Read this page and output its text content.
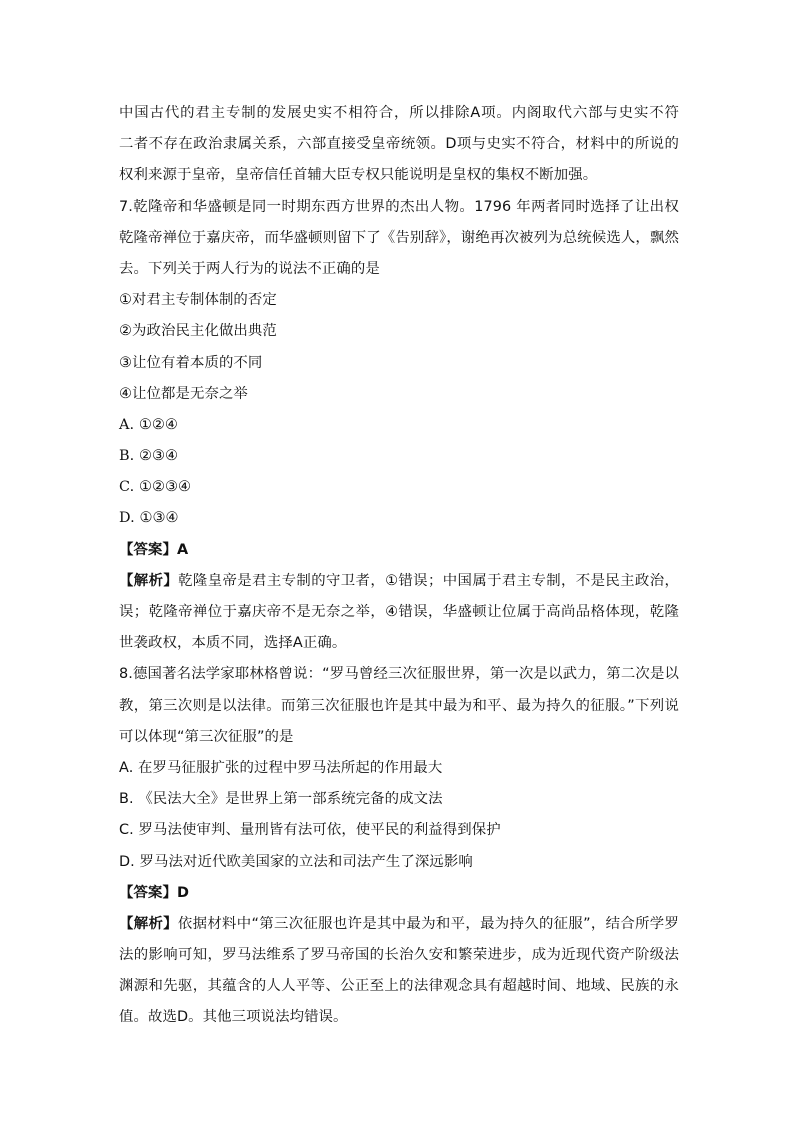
中国古代的君主专制的发展史实不相符合，所以排除A项。内阁取代六部与史实不符
二者不存在政治隶属关系，六部直接受皇帝统领。D项与史实不符合，材料中的所说的
权利来源于皇帝，皇帝信任首辅大臣专权只能说明是皇权的集权不断加强。
7.乾隆帝和华盛顿是同一时期东西方世界的杰出人物。1796 年两者同时选择了让出权
乾隆帝禅位于嘉庆帝，而华盛顿则留下了《告别辞》，谢绝再次被列为总统候选人，飘然
去。下列关于两人行为的说法不正确的是
①对君主专制体制的否定
②为政治民主化做出典范
③让位有着本质的不同
④让位都是无奈之举
A. ①②④
B. ②③④
C. ①②③④
D. ①③④
【答案】A
【解析】乾隆皇帝是君主专制的守卫者，①错误；中国属于君主专制，不是民主政治，
误；乾隆帝禅位于嘉庆帝不是无奈之举，④错误，华盛顿让位属于高尚品格体现，乾隆
世袭政权，本质不同，选择A正确。
8.德国著名法学家耶林格曾说：“罗马曾经三次征服世界，第一次是以武力，第二次是以
教，第三次则是以法律。而第三次征服也许是其中最为和平、最为持久的征服。”下列说
可以体现“第三次征服”的是
A. 在罗马征服扩张的过程中罗马法所起的作用最大
B. 《民法大全》是世界上第一部系统完备的成文法
C. 罗马法使审判、量刑皆有法可依，使平民的利益得到保护
D. 罗马法对近代欧美国家的立法和司法产生了深远影响
【答案】D
【解析】依据材料中“第三次征服也许是其中最为和平，最为持久的征服”，结合所学罗
法的影响可知，罗马法维系了罗马帝国的长治久安和繁荣进步，成为近现代资产阶级法
渊源和先驱，其蕴含的人人平等、公正至上的法律观念具有超越时间、地域、民族的永
值。故选D。其他三项说法均错误。
